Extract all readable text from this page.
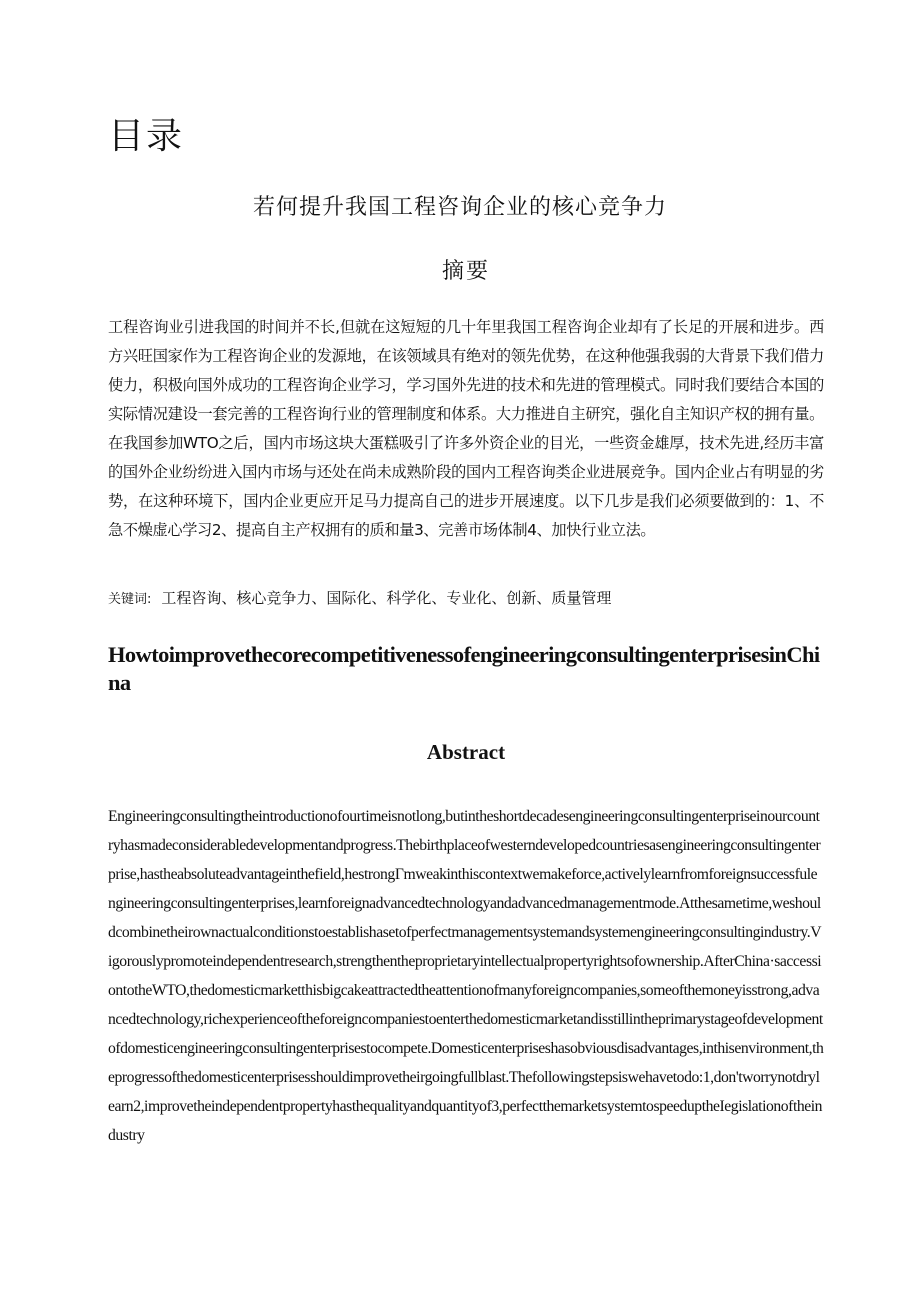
目录
若何提升我国工程咨询企业的核心竞争力
摘要
工程咨询业引进我国的时间并不长,但就在这短短的几十年里我国工程咨询企业却有了长足的开展和进步。西方兴旺国家作为工程咨询企业的发源地，在该领域具有绝对的领先优势，在这种他强我弱的大背景下我们借力使力，积极向国外成功的工程咨询企业学习，学习国外先进的技术和先进的管理模式。同时我们要结合本国的实际情况建设一套完善的工程咨询行业的管理制度和体系。大力推进自主研究，强化自主知识产权的拥有量。在我国参加WTO之后，国内市场这块大蛋糕吸引了许多外资企业的目光，一些资金雄厚，技术先进,经历丰富的国外企业纷纷进入国内市场与还处在尚未成熟阶段的国内工程咨询类企业进展竞争。国内企业占有明显的劣势，在这种环境下，国内企业更应开足马力提高自己的进步开展速度。以下几步是我们必须要做到的：1、不急不燥虚心学习2、提高自主产权拥有的质和量3、完善市场体制4、加快行业立法。
关键词: 工程咨询、核心竞争力、国际化、科学化、专业化、创新、质量管理
HowtoimprovethecorecompetitivenessofengineeringconsultingenterprisesinChina
Abstract
Engineeringconsultingtheintroductionofourtimeisnotlong,butintheshortdecadesengineeringconsultingenterpriseinourcountryhasmadeconsiderabledevelopmentandprogress.Thebirthplaceofwesterndevelopedcountriesasengineeringconsultingenterprise,hastheabsoluteadvantageinthefield,hestrongΓmweakinthiscontextwemakeforce,activelylearnfromforeignsuccessfulengineeringconsultingenterprises,learnforeignadvancedtechnologyandadvancedmanagementmode.Atthesametime,weshouldcombinetheirownactualconditionstoestablishasetofperfectmanagementsystemandsystemengineeringconsultingindustry.Vigorouslypromoteindependentresearch,strengthentheproprietaryintellectualpropertyrightsofownership.AfterChina·saccessiontotheWTO,thedomesticmarketthisbigcakeattractedtheattentionofmanyforeigncompanies,someofthemoneyisstrong,advancedtechnology,richexperienceoftheforeigncompaniestoenterthedomesticmarketandisstillintheprimarystageofdevelopmentofdomesticengineeringconsultingenterprisestocompete.Domesticenterpriseshasobviousdisadvantages,inthisenvironment,theprogressofthedomesticenterprisesshouldimprovetheirgoingfullblast.Thefollowingstepsiswehavetodo:1,don'tworrynotdrylearn2,improvetheindependentpropertyhasthequalityandquantityof3,perfectthemarketsystemtospeeduptheIegislationoftheindustry
